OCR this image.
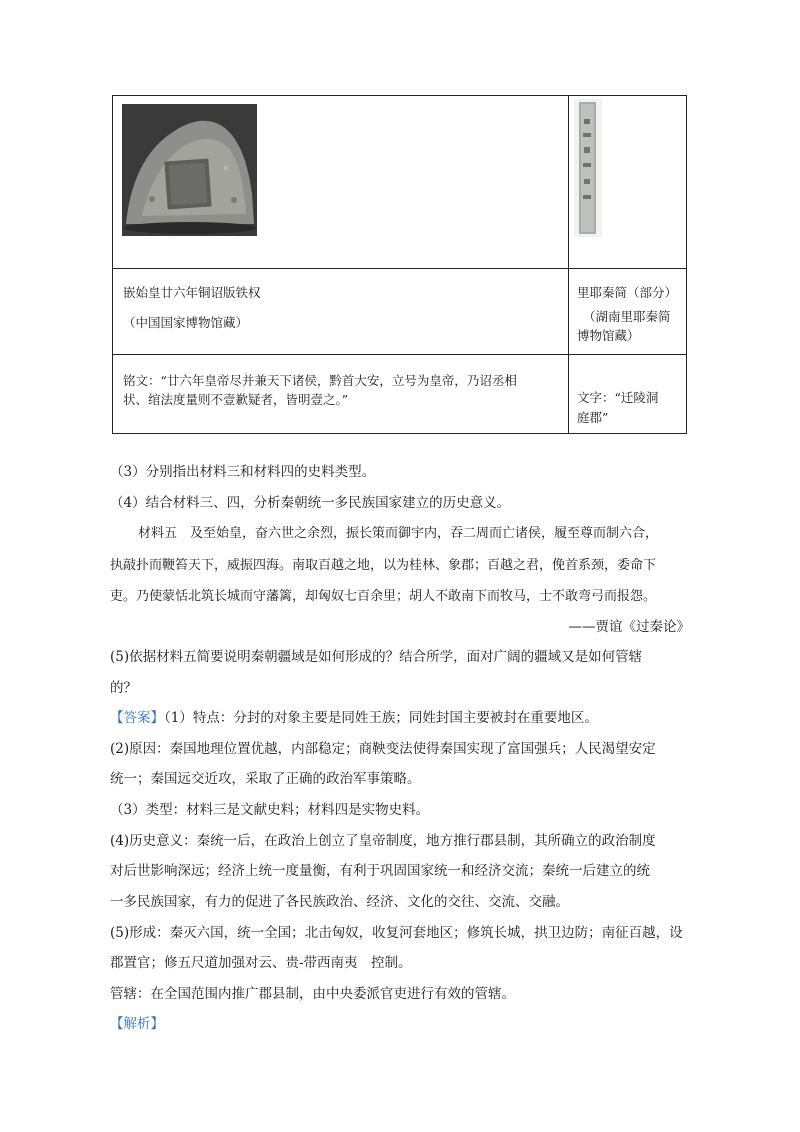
嵌始皇廿六年铜诏版铁权
（中国国家博物馆藏）
铭文：“廿六年皇帝尽并兼天下诸侯，黔首大安，立号为皇帝，乃诏丞相
状、绾法度量则不壹歉疑者，皆明壹之。”
里耶秦简（部分）
（湖南里耶秦简
博物馆藏）
文字：“迁陵洞
庭郡”
（3）分别指出材料三和材料四的史料类型。
（4）结合材料三、四，分析秦朝统一多民族国家建立的历史意义。
材料五　及至始皇，奋六世之余烈，振长策而御宇内，吞二周而亡诸侯，履至尊而制六合，
执敲扑而鞭笞天下，威振四海。南取百越之地，以为桂林、象郡；百越之君，俛首系颈，委命下
吏。乃使蒙恬北筑长城而守藩篱，却匈奴七百余里；胡人不敢南下而牧马，士不敢弯弓而报怨。
——贾谊《过秦论》
(5)依据材料五简要说明秦朝疆域是如何形成的？结合所学，面对广阔的疆域又是如何管辖
的？
【答案】（1）特点：分封的对象主要是同姓王族；同姓封国主要被封在重要地区。
(2)原因：秦国地理位置优越，内部稳定；商鞅变法使得秦国实现了富国强兵；人民渴望安定
统一；秦国远交近攻，采取了正确的政治军事策略。
（3）类型：材料三是文献史料；材料四是实物史料。
(4)历史意义：秦统一后，在政治上创立了皇帝制度，地方推行郡县制，其所确立的政治制度
对后世影响深远；经济上统一度量衡，有利于巩固国家统一和经济交流；秦统一后建立的统
一多民族国家，有力的促进了各民族政治、经济、文化的交往、交流、交融。
(5)形成：秦灭六国，统一全国；北击匈奴，收复河套地区；修筑长城，拱卫边防；南征百越，设
郡置官；修五尺道加强对云、贵-带西南夷　控制。
管辖：在全国范围内推广郡县制，由中央委派官吏进行有效的管辖。
【解析】
